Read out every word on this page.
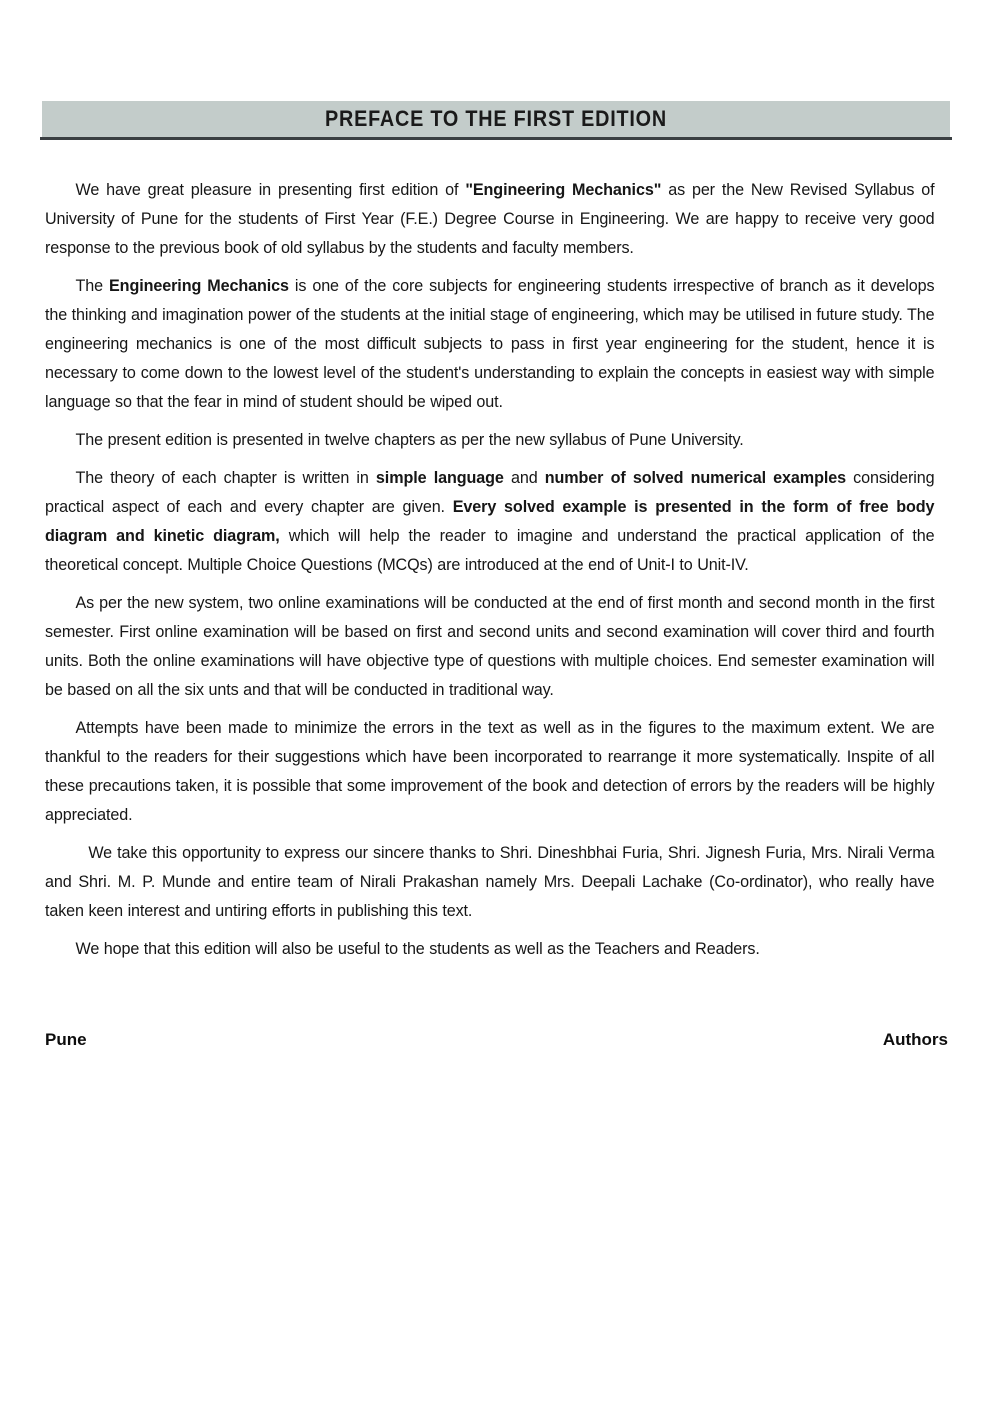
PREFACE TO THE FIRST EDITION

We have great pleasure in presenting first edition of "Engineering Mechanics" as per the New Revised Syllabus of University of Pune for the students of First Year (F.E.) Degree Course in Engineering. We are happy to receive very good response to the previous book of old syllabus by the students and faculty members.

The Engineering Mechanics is one of the core subjects for engineering students irrespective of branch as it develops the thinking and imagination power of the students at the initial stage of engineering, which may be utilised in future study. The engineering mechanics is one of the most difficult subjects to pass in first year engineering for the student, hence it is necessary to come down to the lowest level of the student's understanding to explain the concepts in easiest way with simple language so that the fear in mind of student should be wiped out.

The present edition is presented in twelve chapters as per the new syllabus of Pune University.

The theory of each chapter is written in simple language and number of solved numerical examples considering practical aspect of each and every chapter are given. Every solved example is presented in the form of free body diagram and kinetic diagram, which will help the reader to imagine and understand the practical application of the theoretical concept. Multiple Choice Questions (MCQs) are introduced at the end of Unit-I to Unit-IV.

As per the new system, two online examinations will be conducted at the end of first month and second month in the first semester. First online examination will be based on first and second units and second examination will cover third and fourth units. Both the online examinations will have objective type of questions with multiple choices. End semester examination will be based on all the six unts and that will be conducted in traditional way.

Attempts have been made to minimize the errors in the text as well as in the figures to the maximum extent. We are thankful to the readers for their suggestions which have been incorporated to rearrange it more systematically. Inspite of all these precautions taken, it is possible that some improvement of the book and detection of errors by the readers will be highly appreciated.

We take this opportunity to express our sincere thanks to Shri. Dineshbhai Furia, Shri. Jignesh Furia, Mrs. Nirali Verma and Shri. M. P. Munde and entire team of Nirali Prakashan namely Mrs. Deepali Lachake (Co-ordinator), who really have taken keen interest and untiring efforts in publishing this text.

We hope that this edition will also be useful to the students as well as the Teachers and Readers.

Pune	Authors
